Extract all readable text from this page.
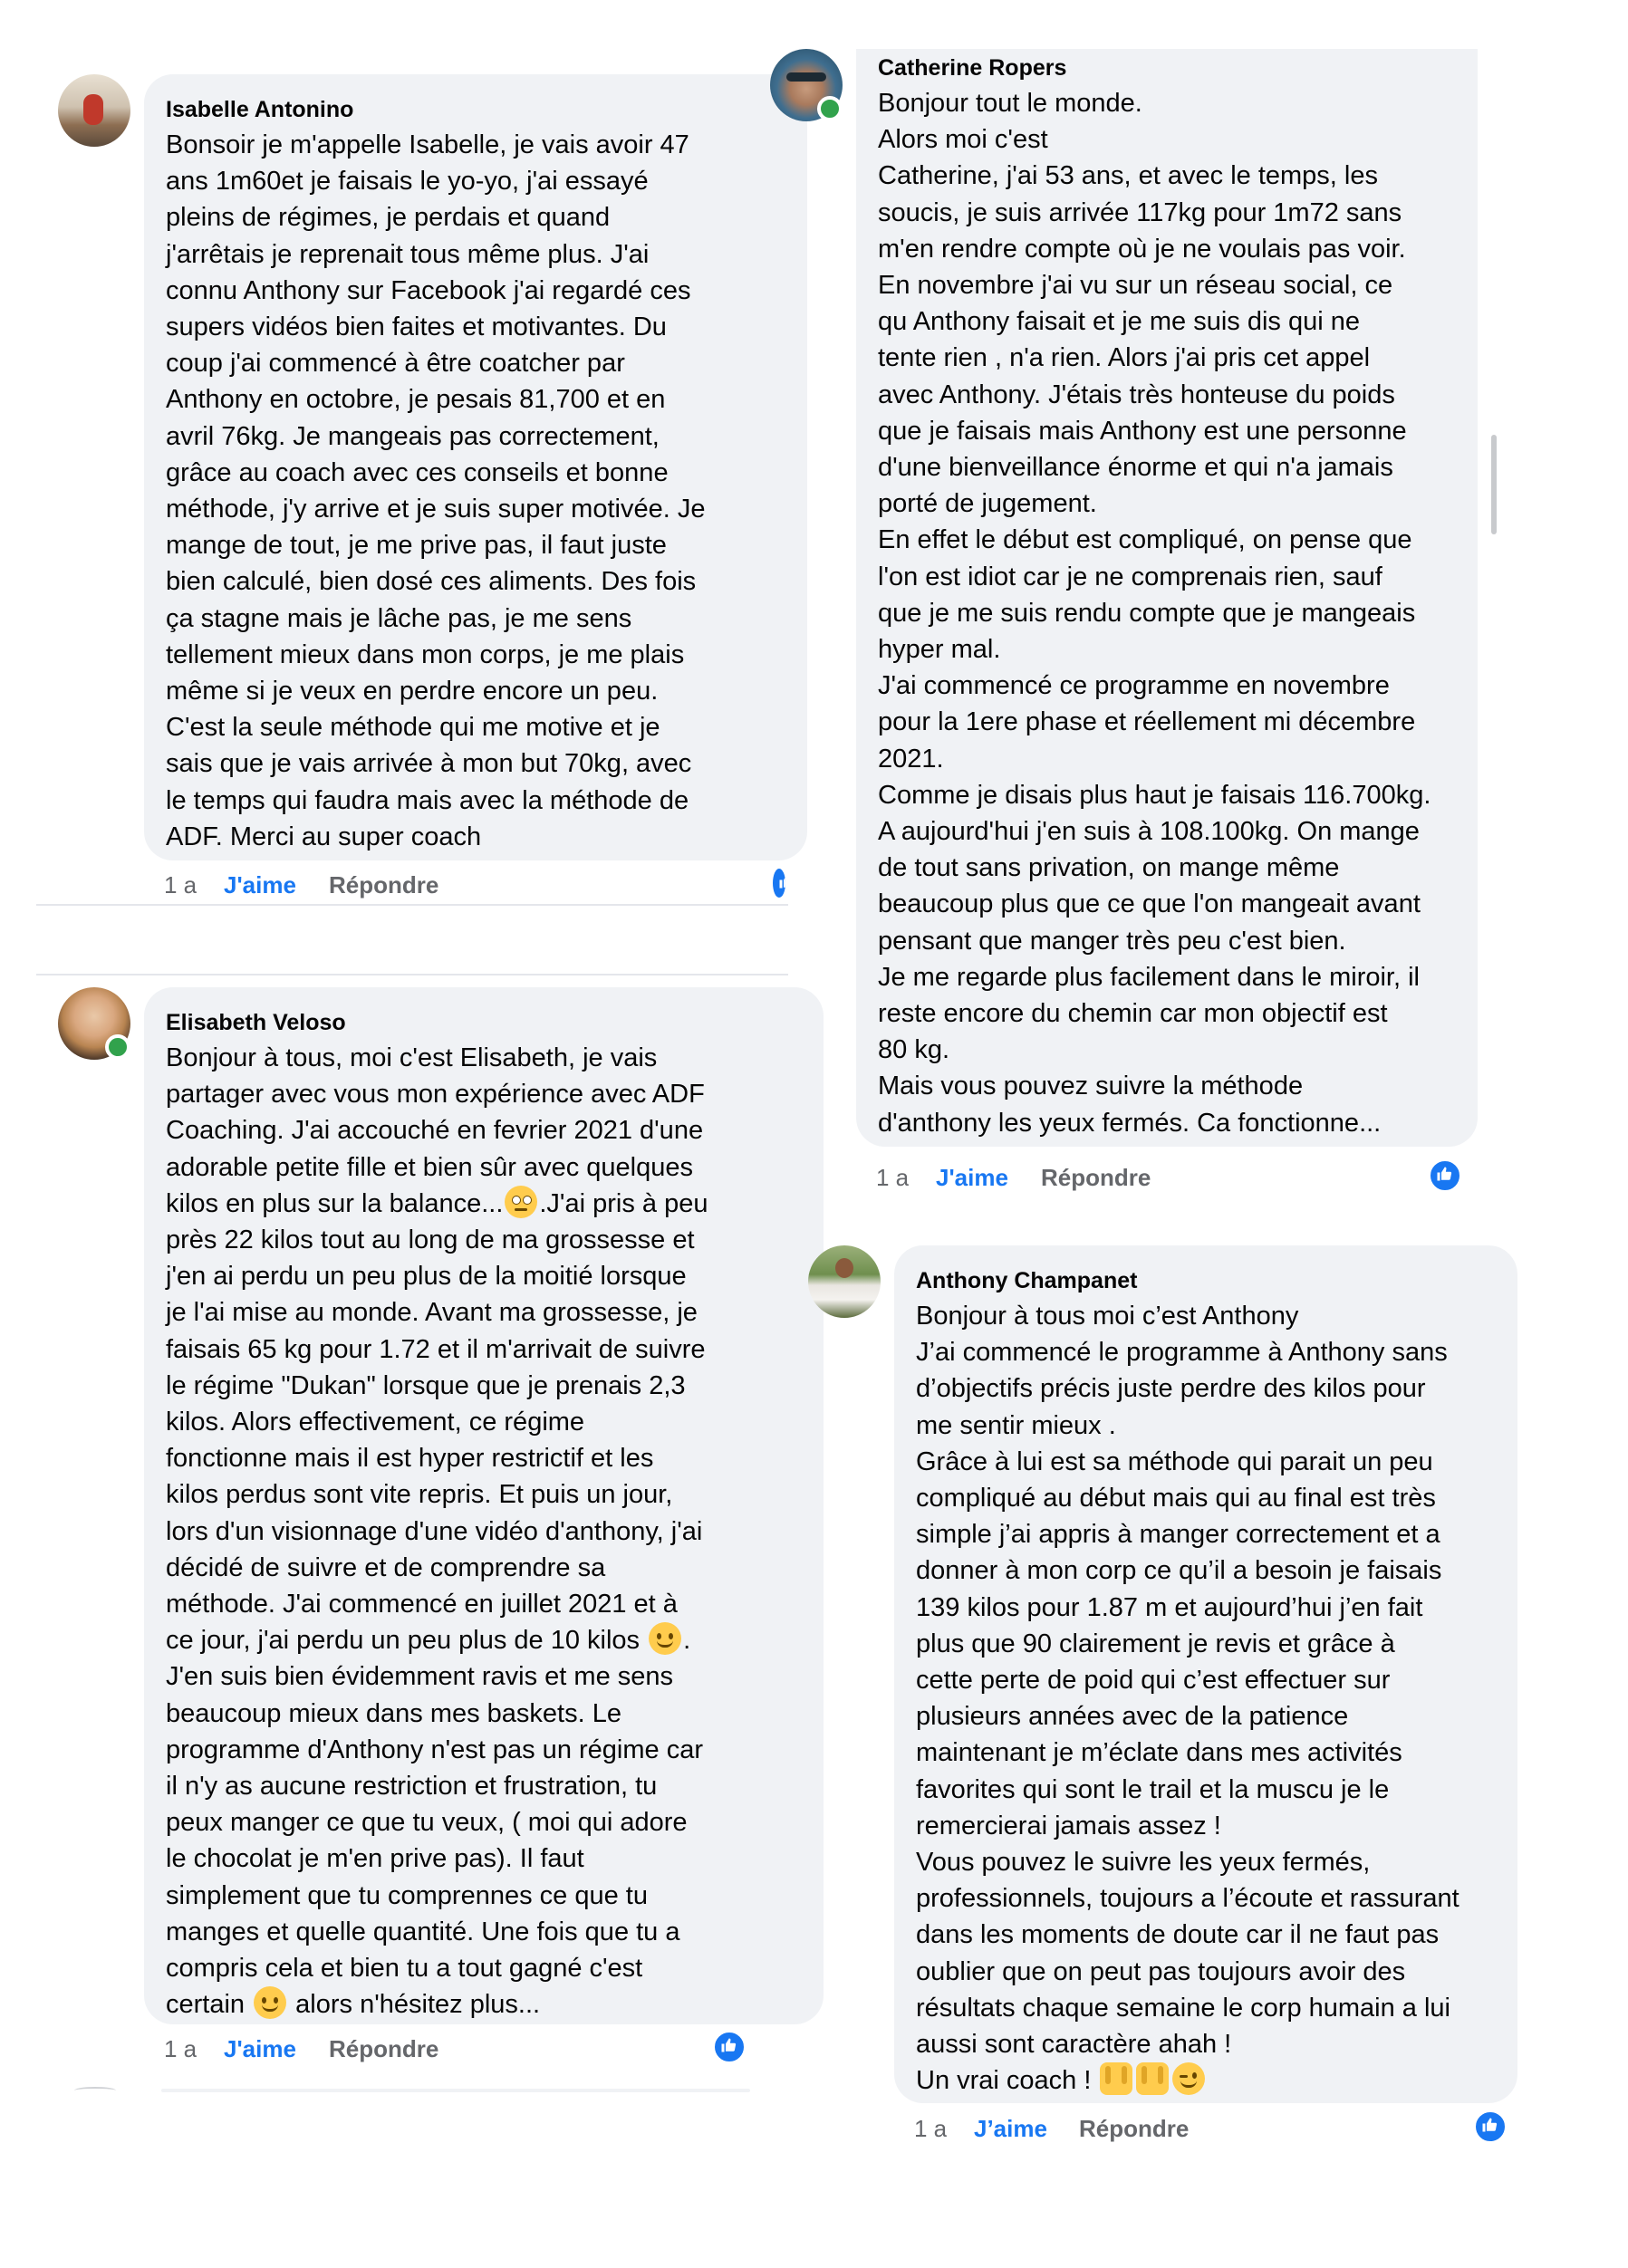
Isabelle Antonino

Bonsoir je m'appelle Isabelle, je vais avoir 47
ans 1m60et je faisais le yo-yo, j'ai essayé
pleins de régimes, je perdais et quand
j'arrêtais je reprenait tous même plus. J'ai
connu Anthony sur Facebook j'ai regardé ces
supers vidéos bien faites et motivantes. Du
coup j'ai commencé à être coatcher par
Anthony en octobre, je pesais 81,700 et en
avril 76kg. Je mangeais pas correctement,
grâce au coach avec ces conseils et bonne
méthode, j'y arrive et je suis super motivée. Je
mange de tout, je me prive pas, il faut juste
bien calculé, bien dosé ces aliments. Des fois
ça stagne mais je lâche pas, je me sens
tellement mieux dans mon corps, je me plais
même si je veux en perdre encore un peu.
C'est la seule méthode qui me motive et je
sais que je vais arrivée à mon but 70kg, avec
le temps qui faudra mais avec la méthode de
ADF. Merci au super coach

1 a J'aime Répondre
Elisabeth Veloso

Bonjour à tous, moi c'est Elisabeth, je vais
partager avec vous mon expérience avec ADF
Coaching. J'ai accouché en fevrier 2021 d'une
adorable petite fille et bien sûr avec quelques
kilos en plus sur la balance... .J'ai pris à peu
près 22 kilos tout au long de ma grossesse et
j'en ai perdu un peu plus de la moitié lorsque
je l'ai mise au monde. Avant ma grossesse, je
faisais 65 kg pour 1.72 et il m'arrivait de suivre
le régime "Dukan" lorsque que je prenais 2,3
kilos. Alors effectivement, ce régime
fonctionne mais il est hyper restrictif et les
kilos perdus sont vite repris. Et puis un jour,
lors d'un visionnage d'une vidéo d'anthony, j'ai
décidé de suivre et de comprendre sa
méthode. J'ai commencé en juillet 2021 et à
ce jour, j'ai perdu un peu plus de 10 kilos
.
J'en suis bien évidemment ravis et me sens
beaucoup mieux dans mes baskets. Le
programme d'Anthony n'est pas un régime car
il n'y as aucune restriction et frustration, tu
peux manger ce que tu veux, ( moi qui adore
le chocolat je m'en prive pas). Il faut
simplement que tu comprennes ce que tu
manges et quelle quantité. Une fois que tu a
compris cela et bien tu a tout gagné c'est
certain
alors n'hésitez plus...

1 a J'aime Répondre
Catherine Ropers

Bonjour tout le monde.
Alors moi c'est
Catherine, j'ai 53 ans, et avec le temps, les
soucis, je suis arrivée 117kg pour 1m72 sans
m'en rendre compte où je ne voulais pas voir.
En novembre j'ai vu sur un réseau social, ce
qu Anthony faisait et je me suis dis qui ne
tente rien , n'a rien. Alors j'ai pris cet appel
avec Anthony. J'étais très honteuse du poids
que je faisais mais Anthony est une personne
d'une bienveillance énorme et qui n'a jamais
porté de jugement.
En effet le début est compliqué, on pense que
l'on est idiot car je ne comprenais rien, sauf
que je me suis rendu compte que je mangeais
hyper mal.
J'ai commencé ce programme en novembre
pour la 1ere phase et réellement mi décembre
2021.
Comme je disais plus haut je faisais 116.700kg.
A aujourd'hui j'en suis à 108.100kg. On mange
de tout sans privation, on mange même
beaucoup plus que ce que l'on mangeait avant
pensant que manger très peu c'est bien.
Je me regarde plus facilement dans le miroir, il
reste encore du chemin car mon objectif est
80 kg.
Mais vous pouvez suivre la méthode
d'anthony les yeux fermés. Ca fonctionne...

1 a J'aime Répondre
Anthony Champanet

Bonjour à tous moi c’est Anthony
J’ai commencé le programme à Anthony sans
d’objectifs précis juste perdre des kilos pour
me sentir mieux .
Grâce à lui est sa méthode qui parait un peu
compliqué au début mais qui au final est très
simple j’ai appris à manger correctement et a
donner à mon corp ce qu’il a besoin je faisais
139 kilos pour 1.87 m et aujourd’hui j’en fait
plus que 90 clairement je revis et grâce à
cette perte de poid qui c’est effectuer sur
plusieurs années avec de la patience
maintenant je m’éclate dans mes activités
favorites qui sont le trail et la muscu je le
remercierai jamais assez !
Vous pouvez le suivre les yeux fermés,
professionnels, toujours a l’écoute et rassurant
dans les moments de doute car il ne faut pas
oublier que on peut pas toujours avoir des
résultats chaque semaine le corp humain a lui
aussi sont caractère ahah !
Un vrai coach !

1 a J’aime Répondre
